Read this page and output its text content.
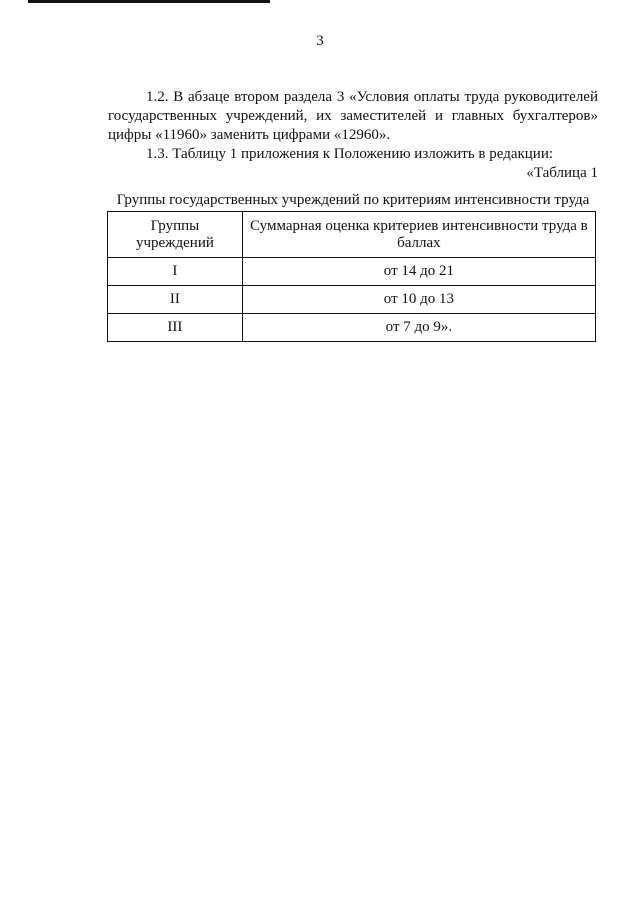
3
1.2. В абзаце втором раздела 3 «Условия оплаты труда руководителей государственных учреждений, их заместителей и главных бухгалтеров» цифры «11960» заменить цифрами «12960».
1.3. Таблицу 1 приложения к Положению изложить в редакции:
«Таблица 1
Группы государственных учреждений по критериям интенсивности труда
Группы учреждений	Суммарная оценка критериев интенсивности труда в баллах
I	от 14 до 21
II	от 10 до 13
III	от 7 до 9».
